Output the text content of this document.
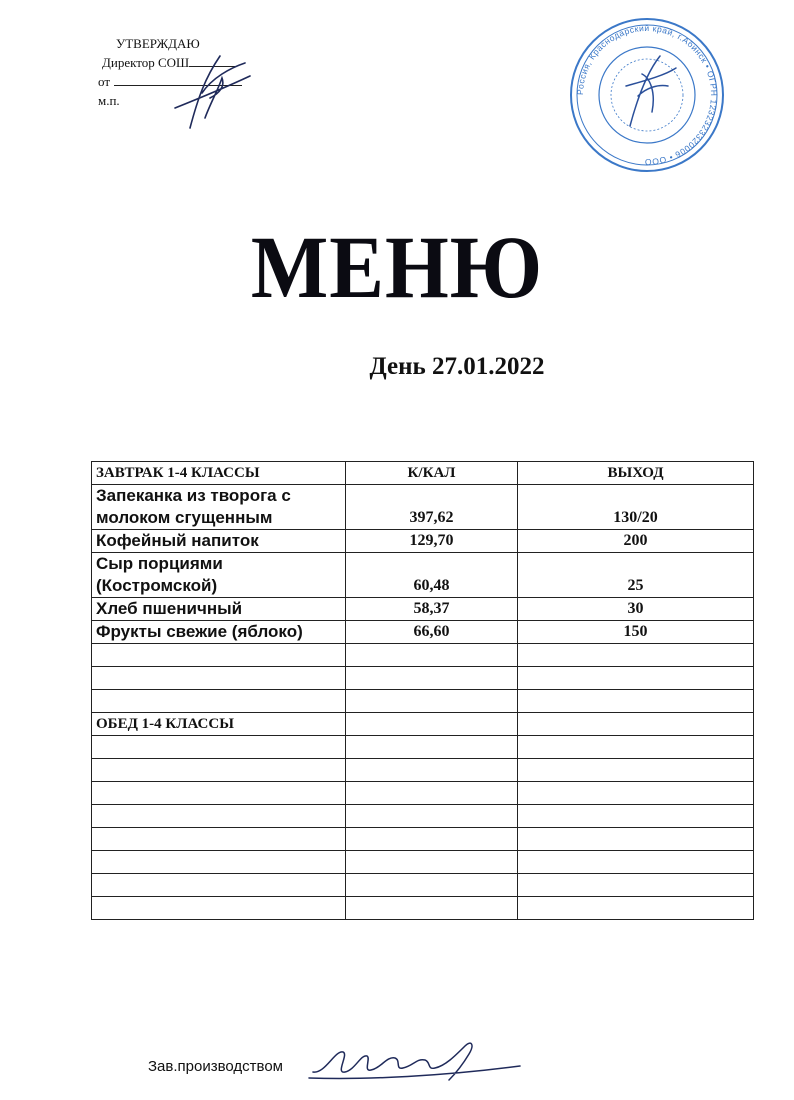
УТВЕРЖДАЮ
Директор СОШ
от
м.п.
Россия, Краснодарский край, г.Абинск • ОГРН 1232323320006 • ООО
МЕНЮ
День 27.01.2022
ЗАВТРАК 1-4 КЛАССЫ	К/КАЛ	ВЫХОД
Запеканка из творога с молоком сгущенным	397,62	130/20
Кофейный напиток	129,70	200
Сыр порциями (Костромской)	60,48	25
Хлеб пшеничный	58,37	30
Фрукты свежие (яблоко)	66,60	150

ОБЕД 1-4 КЛАССЫ		

Зав.производством
